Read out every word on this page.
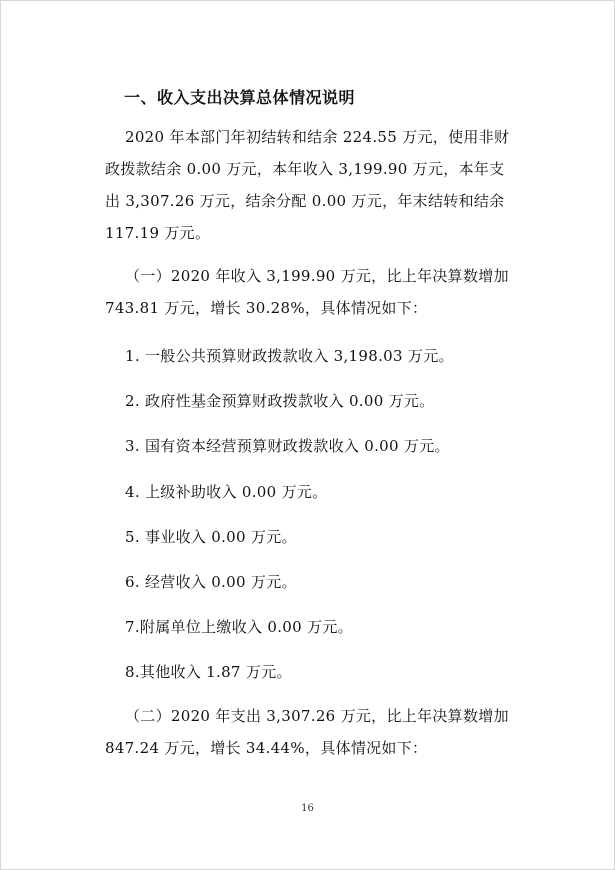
一、收入支出决算总体情况说明
2020 年本部门年初结转和结余 224.55 万元，使用非财
政拨款结余 0.00 万元，本年收入 3,199.90 万元，本年支
出 3,307.26 万元，结余分配 0.00 万元，年末结转和结余
117.19 万元。
（一）2020 年收入 3,199.90 万元，比上年决算数增加
743.81 万元，增长 30.28%，具体情况如下：
1. 一般公共预算财政拨款收入 3,198.03 万元。
2. 政府性基金预算财政拨款收入 0.00 万元。
3. 国有资本经营预算财政拨款收入 0.00 万元。
4. 上级补助收入 0.00 万元。
5. 事业收入 0.00 万元。
6. 经营收入 0.00 万元。
7.附属单位上缴收入 0.00 万元。
8.其他收入 1.87 万元。
（二）2020 年支出 3,307.26 万元，比上年决算数增加
847.24 万元，增长 34.44%，具体情况如下：
16
